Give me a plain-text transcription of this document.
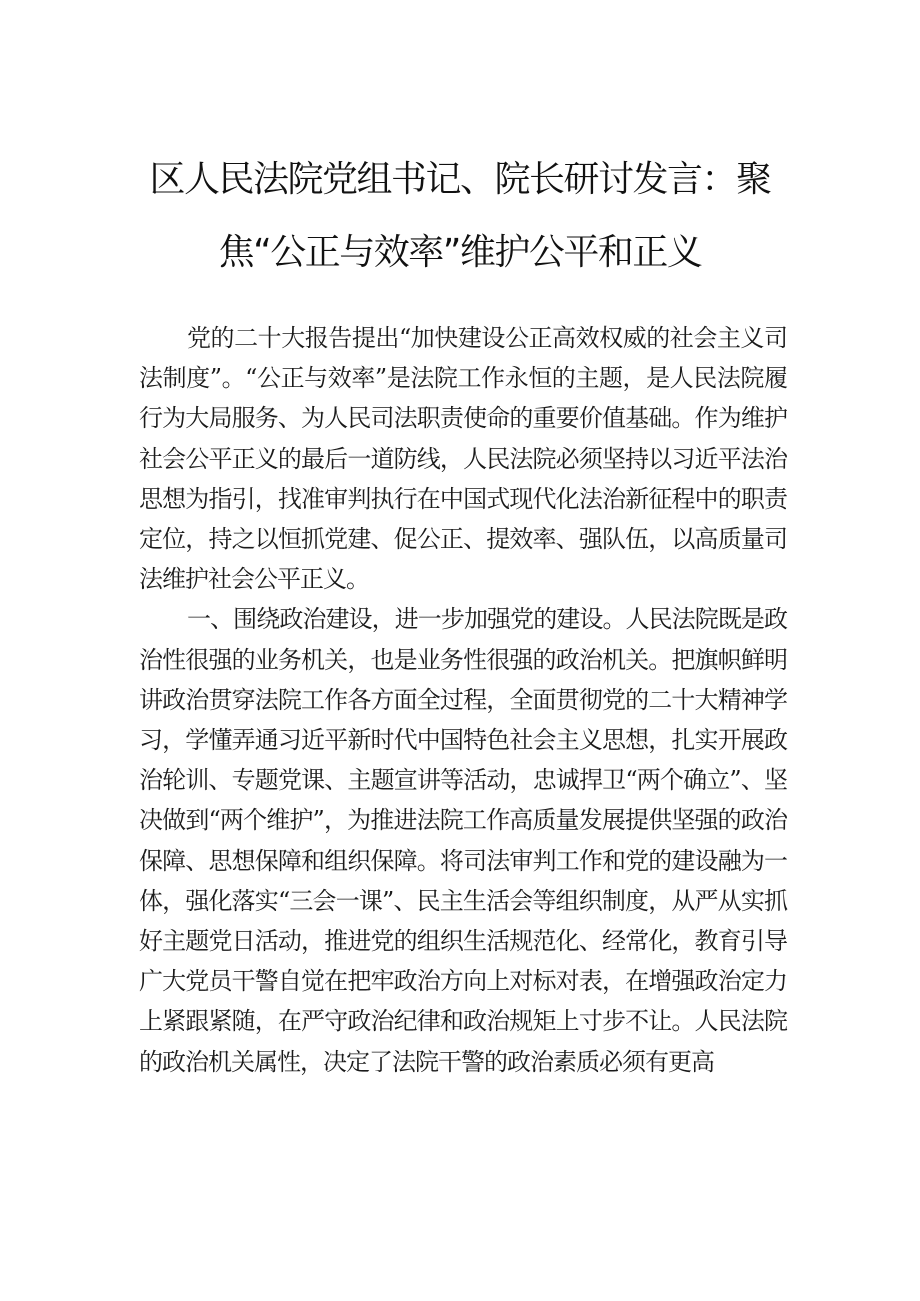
区人民法院党组书记、院长研讨发言：聚焦“公正与效率”维护公平和正义

党的二十大报告提出“加快建设公正高效权威的社会主义司法制度”。“公正与效率”是法院工作永恒的主题，是人民法院履行为大局服务、为人民司法职责使命的重要价值基础。作为维护社会公平正义的最后一道防线，人民法院必须坚持以习近平法治思想为指引，找准审判执行在中国式现代化法治新征程中的职责定位，持之以恒抓党建、促公正、提效率、强队伍，以高质量司法维护社会公平正义。

一、围绕政治建设，进一步加强党的建设。人民法院既是政治性很强的业务机关，也是业务性很强的政治机关。把旗帜鲜明讲政治贯穿法院工作各方面全过程，全面贯彻党的二十大精神学习，学懂弄通习近平新时代中国特色社会主义思想，扎实开展政治轮训、专题党课、主题宣讲等活动，忠诚捍卫“两个确立”、坚决做到“两个维护”，为推进法院工作高质量发展提供坚强的政治保障、思想保障和组织保障。将司法审判工作和党的建设融为一体，强化落实“三会一课”、民主生活会等组织制度，从严从实抓好主题党日活动，推进党的组织生活规范化、经常化，教育引导广大党员干警自觉在把牢政治方向上对标对表，在增强政治定力上紧跟紧随，在严守政治纪律和政治规矩上寸步不让。人民法院的政治机关属性，决定了法院干警的政治素质必须有更高
